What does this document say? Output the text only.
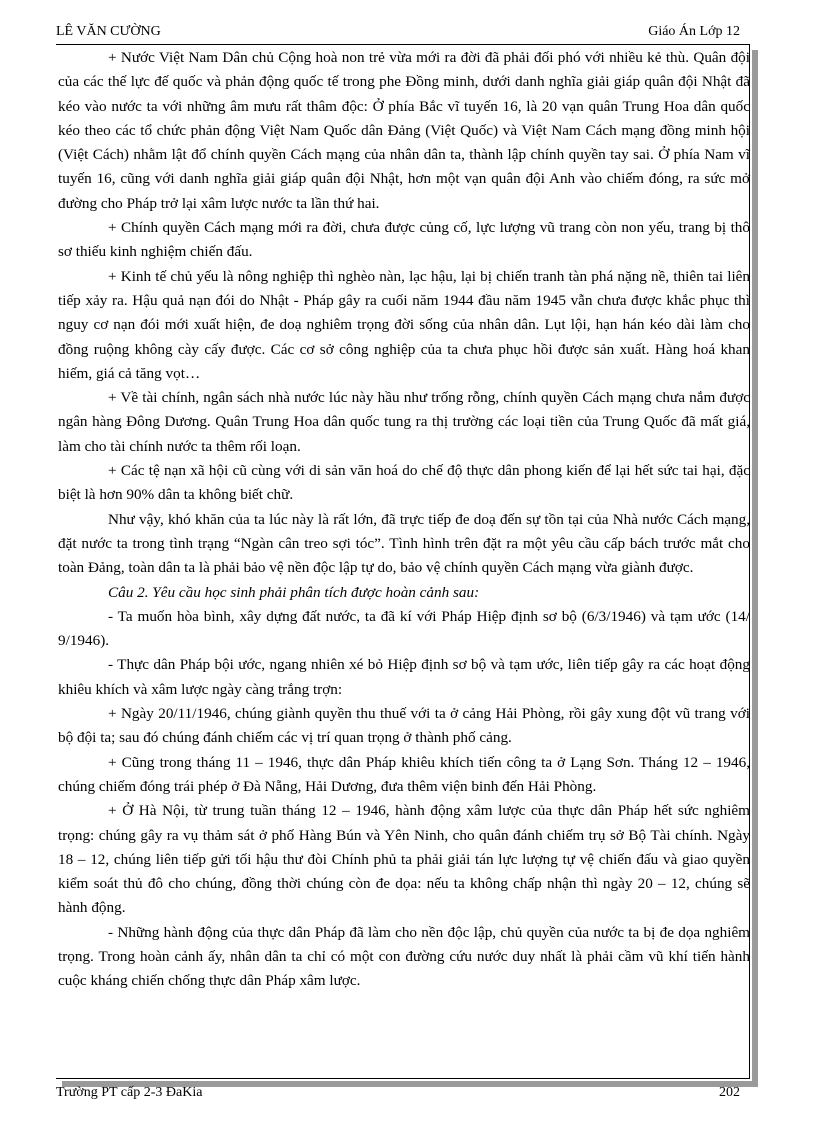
LÊ VĂN CƯỜNG	Giáo Án Lớp 12

+ Nước Việt Nam Dân chủ Cộng hoà non trẻ vừa mới ra đời đã phải đối phó với nhiều kẻ thù. Quân đội của các thế lực đế quốc và phản động quốc tế trong phe Đồng minh, dưới danh nghĩa giải giáp quân đội Nhật đã kéo vào nước ta với những âm mưu rất thâm độc: Ở phía Bắc vĩ tuyến 16, là 20 vạn quân Trung Hoa dân quốc kéo theo các tổ chức phản động Việt Nam Quốc dân Đảng (Việt Quốc) và Việt Nam Cách mạng đồng minh hội (Việt Cách) nhằm lật đổ chính quyền Cách mạng của nhân dân ta, thành lập chính quyền tay sai. Ở phía Nam vĩ tuyến 16, cũng với danh nghĩa giải giáp quân đội Nhật, hơn một vạn quân đội Anh vào chiếm đóng, ra sức mở đường cho Pháp trở lại xâm lược nước ta lần thứ hai.

+ Chính quyền Cách mạng mới ra đời, chưa được củng cố, lực lượng vũ trang còn non yếu, trang bị thô sơ thiếu kinh nghiệm chiến đấu.

+ Kinh tế chủ yếu là nông nghiệp thì nghèo nàn, lạc hậu, lại bị chiến tranh tàn phá nặng nề, thiên tai liên tiếp xảy ra. Hậu quả nạn đói do Nhật - Pháp gây ra cuối năm 1944 đầu năm 1945 vẫn chưa được khắc phục thì nguy cơ nạn đói mới xuất hiện, đe doạ nghiêm trọng đời sống của nhân dân. Lụt lội, hạn hán kéo dài làm cho đồng ruộng không cày cấy được. Các cơ sở công nghiệp của ta chưa phục hồi được sản xuất. Hàng hoá khan hiếm, giá cả tăng vọt…

+ Về tài chính, ngân sách nhà nước lúc này hầu như trống rỗng, chính quyền Cách mạng chưa nắm được ngân hàng Đông Dương. Quân Trung Hoa dân quốc tung ra thị trường các loại tiền của Trung Quốc đã mất giá, làm cho tài chính nước ta thêm rối loạn.

+ Các tệ nạn xã hội cũ cùng với di sản văn hoá do chế độ thực dân phong kiến để lại hết sức tai hại, đặc biệt là hơn 90% dân ta không biết chữ.

Như vậy, khó khăn của ta lúc này là rất lớn, đã trực tiếp đe doạ đến sự tồn tại của Nhà nước Cách mạng, đặt nước ta trong tình trạng “Ngàn cân treo sợi tóc”. Tình hình trên đặt ra một yêu cầu cấp bách trước mắt cho toàn Đảng, toàn dân ta là phải bảo vệ nền độc lập tự do, bảo vệ chính quyền Cách mạng vừa giành được.

Câu 2. Yêu cầu học sinh phải phân tích được hoàn cảnh sau:

- Ta muốn hòa bình, xây dựng đất nước, ta đã kí với Pháp Hiệp định sơ bộ (6/3/1946) và tạm ước (14/ 9/1946).

- Thực dân Pháp bội ước, ngang nhiên xé bỏ Hiệp định sơ bộ và tạm ước, liên tiếp gây ra các hoạt động khiêu khích và xâm lược ngày càng trắng trợn:

+ Ngày 20/11/1946, chúng giành quyền thu thuế với ta ở cảng Hải Phòng, rồi gây xung đột vũ trang với bộ đội ta; sau đó chúng đánh chiếm các vị trí quan trọng ở thành phố cảng.

+ Cũng trong tháng 11 – 1946, thực dân Pháp khiêu khích tiến công ta ở Lạng Sơn. Tháng 12 – 1946, chúng chiếm đóng trái phép ở Đà Nẵng, Hải Dương, đưa thêm viện binh đến Hải Phòng.

+ Ở Hà Nội, từ trung tuần tháng 12 – 1946, hành động xâm lược của thực dân Pháp hết sức nghiêm trọng: chúng gây ra vụ thảm sát ở phố Hàng Bún và Yên Ninh, cho quân đánh chiếm trụ sở Bộ Tài chính. Ngày 18 – 12, chúng liên tiếp gửi tối hậu thư đòi Chính phủ ta phải giải tán lực lượng tự vệ chiến đấu và giao quyền kiểm soát thủ đô cho chúng, đồng thời chúng còn đe dọa: nếu ta không chấp nhận thì ngày 20 – 12, chúng sẽ hành động.

- Những hành động của thực dân Pháp đã làm cho nền độc lập, chủ quyền của nước ta bị đe dọa nghiêm trọng. Trong hoàn cảnh ấy, nhân dân ta chỉ có một con đường cứu nước duy nhất là phải cầm vũ khí tiến hành cuộc kháng chiến chống thực dân Pháp xâm lược.

Trường PT cấp 2-3 ĐaKia	202
